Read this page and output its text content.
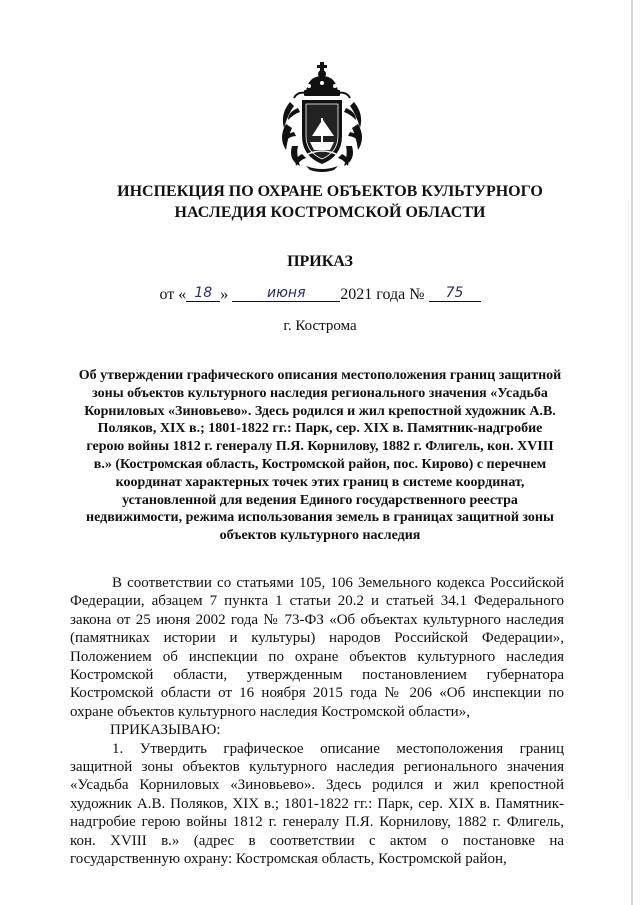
ИНСПЕКЦИЯ ПО ОХРАНЕ ОБЪЕКТОВ КУЛЬТУРНОГО
НАСЛЕДИЯ КОСТРОМСКОЙ ОБЛАСТИ
ПРИКАЗ
от « 18 »	июня 2021 года № 75
г. Кострома
Об утверждении графического описания местоположения границ защитной зоны объектов культурного наследия регионального значения «Усадьба Корниловых «Зиновьево». Здесь родился и жил крепостной художник А.В. Поляков, XIX в.; 1801-1822 гг.: Парк, сер. XIX в. Памятник-надгробие герою войны 1812 г. генералу П.Я. Корнилову, 1882 г. Флигель, кон. XVIII в.» (Костромская область, Костромской район, пос. Кирово) с перечнем координат характерных точек этих границ в системе координат, установленной для ведения Единого государственного реестра недвижимости, режима использования земель в границах защитной зоны объектов культурного наследия

В соответствии со статьями 105, 106 Земельного кодекса Российской Федерации, абзацем 7 пункта 1 статьи 20.2 и статьей 34.1 Федерального закона от 25 июня 2002 года № 73-ФЗ «Об объектах культурного наследия (памятниках истории и культуры) народов Российской Федерации», Положением об инспекции по охране объектов культурного наследия Костромской области, утвержденным постановлением губернатора Костромской области от 16 ноября 2015 года № 206 «Об инспекции по охране объектов культурного наследия Костромской области»,

ПРИКАЗЫВАЮ:

1. Утвердить графическое описание местоположения границ защитной зоны объектов культурного наследия регионального значения «Усадьба Корниловых «Зиновьево». Здесь родился и жил крепостной художник А.В. Поляков, XIX в.; 1801-1822 гг.: Парк, сер. XIX в. Памятник-надгробие герою войны 1812 г. генералу П.Я. Корнилову, 1882 г. Флигель, кон. XVIII в.» (адрес в соответствии с актом о постановке на государственную охрану: Костромская область, Костромской район,
